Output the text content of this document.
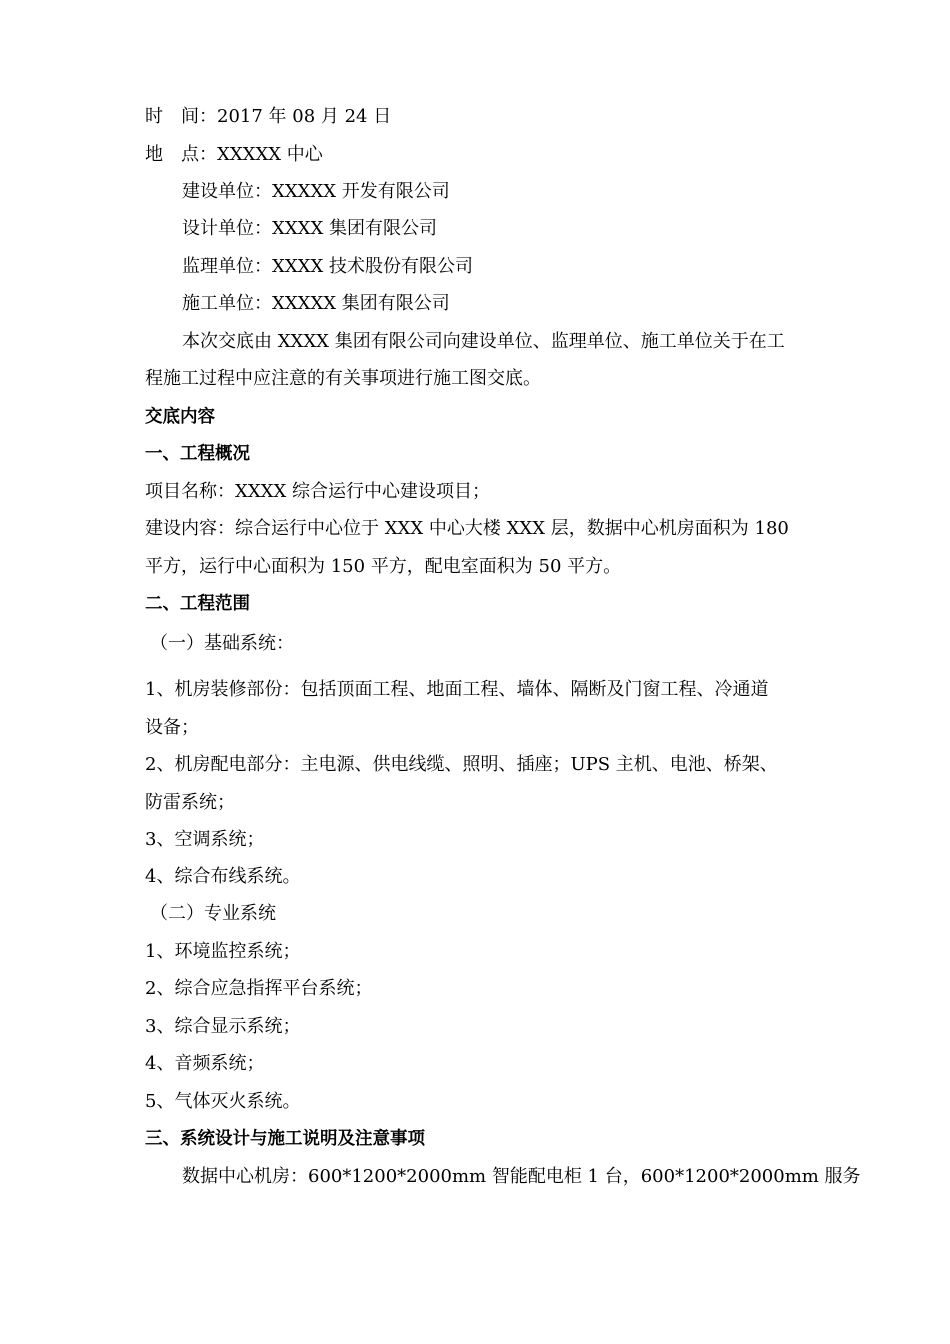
时　间：2017 年 08 月 24 日
地　点：XXXXX 中心
建设单位：XXXXX 开发有限公司
设计单位：XXXX 集团有限公司
监理单位：XXXX 技术股份有限公司
施工单位：XXXXX 集团有限公司
本次交底由 XXXX 集团有限公司向建设单位、监理单位、施工单位关于在工
程施工过程中应注意的有关事项进行施工图交底。
交底内容
一、工程概况
项目名称：XXXX 综合运行中心建设项目；
建设内容：综合运行中心位于 XXX 中心大楼 XXX 层，数据中心机房面积为 180
平方，运行中心面积为 150 平方，配电室面积为 50 平方。
二、工程范围
（一）基础系统：
1、机房装修部份：包括顶面工程、地面工程、墙体、隔断及门窗工程、冷通道
设备；
2、机房配电部分：主电源、供电线缆、照明、插座；UPS 主机、电池、桥架、
防雷系统；
3、空调系统；
4、综合布线系统。
（二）专业系统
1、环境监控系统；
2、综合应急指挥平台系统；
3、综合显示系统；
4、音频系统；
5、气体灭火系统。
三、系统设计与施工说明及注意事项
数据中心机房：600*1200*2000mm 智能配电柜 1 台，600*1200*2000mm 服务
